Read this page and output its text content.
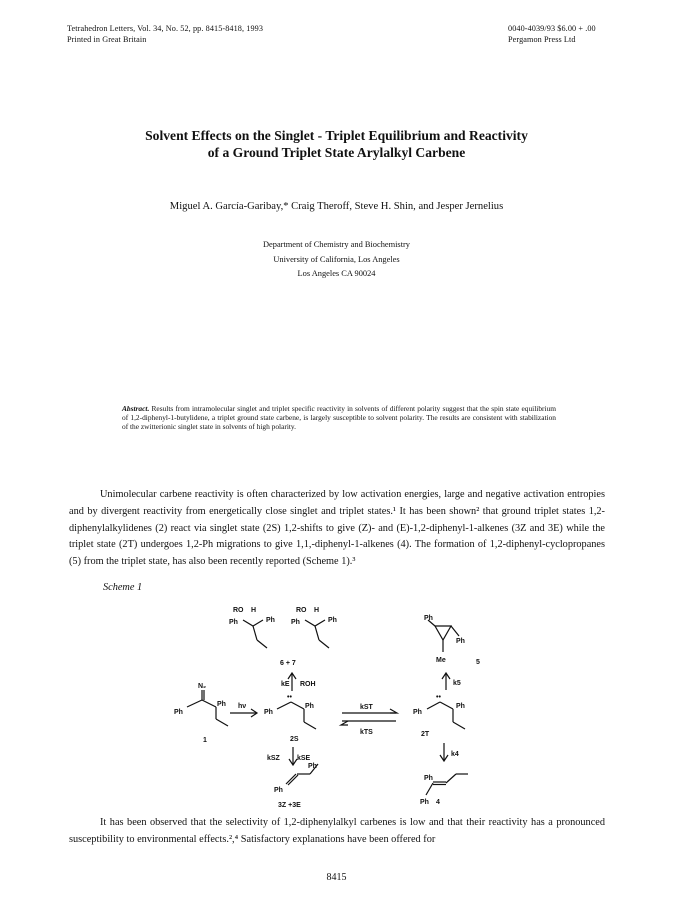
Tetrahedron Letters, Vol. 34, No. 52, pp. 8415-8418, 1993
Printed in Great Britain
0040-4039/93 $6.00 + .00
Pergamon Press Ltd
Solvent Effects on the Singlet - Triplet Equilibrium and Reactivity
of a Ground Triplet State Arylalkyl Carbene
Miguel A. García-Garibay,* Craig Theroff, Steve H. Shin, and Jesper Jernelius
Department of Chemistry and Biochemistry
University of California, Los Angeles
Los Angeles CA 90024
Abstract. Results from intramolecular singlet and triplet specific reactivity in solvents of different polarity suggest that the spin state equilibrium of 1,2-diphenyl-1-butylidene, a triplet ground state carbene, is largely susceptible to solvent polarity. The results are consistent with stabilization of the zwitterionic singlet state in solvents of high polarity.
Unimolecular carbene reactivity is often characterized by low activation energies, large and negative activation entropies and by divergent reactivity from energetically close singlet and triplet states.¹ It has been shown² that ground triplet states 1,2-diphenylalkylidenes (2) react via singlet state (2S) 1,2-shifts to give (Z)- and (E)-1,2-diphenyl-1-alkenes (3Z and 3E) while the triplet state (2T) undergoes 1,2-Ph migrations to give 1,1,-diphenyl-1-alkenes (4). The formation of 1,2-diphenyl-cyclopropanes (5) from the triplet state, has also been recently reported (Scheme 1).³
Scheme 1
RO H
Ph	Ph
RO H
Ph	Ph
6 + 7
kE ROH
Ph
Ph
Me	5
k5
N₂
Ph
Ph
1
hν
••
Ph
Ph
2S
kST
kTS
••
Ph
Ph
2T
kSZ kSE
Ph
Ph
3Z +3E
k4
Ph
Ph 4
It has been observed that the selectivity of 1,2-diphenylalkyl carbenes is low and that their reactivity has a pronounced susceptibility to environmental effects.²,⁴ Satisfactory explanations have been offered for
8415
